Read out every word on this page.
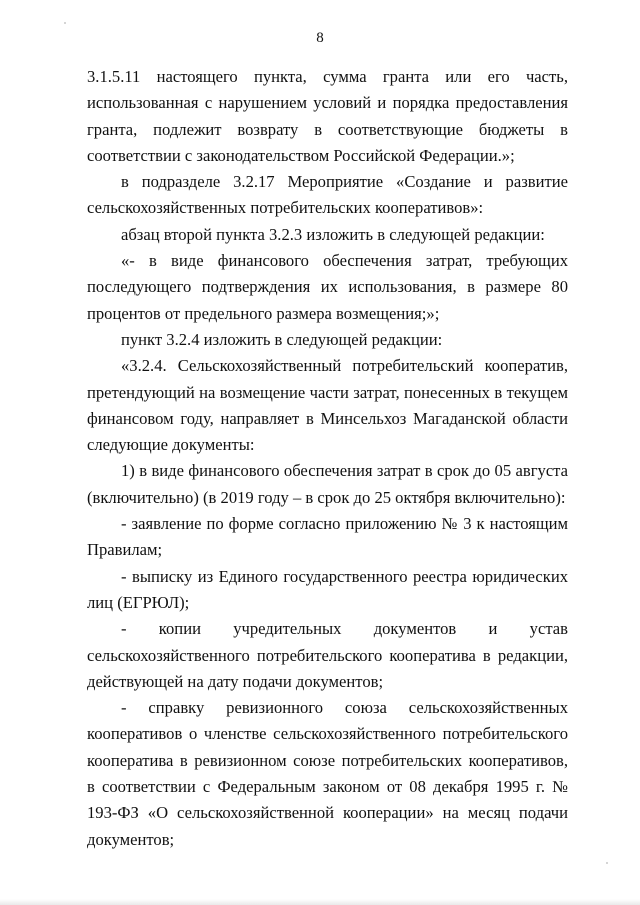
8

3.1.5.11 настоящего пункта, сумма гранта или его часть, использованная с нарушением условий и порядка предоставления гранта, подлежит возврату в соответствующие бюджеты в соответствии с законодательством Российской Федерации.»;

в подразделе 3.2.17 Мероприятие «Создание и развитие сельскохозяйственных потребительских кооперативов»:

абзац второй пункта 3.2.3 изложить в следующей редакции:

«- в виде финансового обеспечения затрат, требующих последующего подтверждения их использования, в размере 80 процентов от предельного размера возмещения;»;

пункт 3.2.4 изложить в следующей редакции:

«3.2.4. Сельскохозяйственный потребительский кооператив, претендующий на возмещение части затрат, понесенных в текущем финансовом году, направляет в Минсельхоз Магаданской области следующие документы:

1) в виде финансового обеспечения затрат в срок до 05 августа (включительно) (в 2019 году – в срок до 25 октября включительно):

- заявление по форме согласно приложению № 3 к настоящим Правилам;

- выписку из Единого государственного реестра юридических лиц (ЕГРЮЛ);

- копии учредительных документов и устав сельскохозяйственного потребительского кооператива в редакции, действующей на дату подачи документов;

- справку ревизионного союза сельскохозяйственных кооперативов о членстве сельскохозяйственного потребительского кооператива в ревизионном союзе потребительских кооперативов, в соответствии с Федеральным законом от 08 декабря 1995 г. № 193-ФЗ «О сельскохозяйственной кооперации» на месяц подачи документов;
